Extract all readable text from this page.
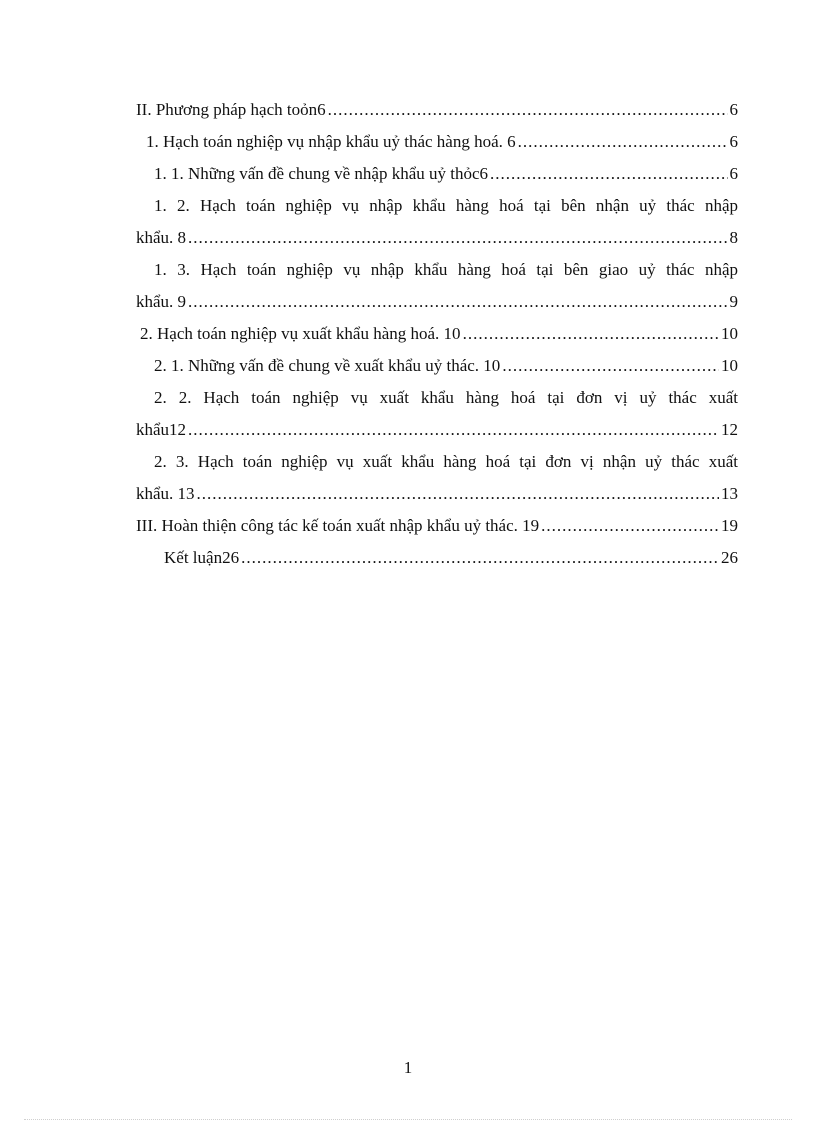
II. Phương pháp hạch toỏn6 .....	6
1. Hạch toán nghiệp vụ nhập khẩu uỷ thác hàng hoá. 6 .....	6
1. 1. Những vấn đề chung về nhập khẩu uỷ thỏc6 .....	6
1. 2. Hạch toán nghiệp vụ nhập khẩu hàng hoá tại bên nhận uỷ thác nhập
khẩu. 8 .....	8
1. 3. Hạch toán nghiệp vụ nhập khẩu hàng hoá tại bên giao uỷ thác nhập
khẩu. 9 .....	9
2. Hạch toán nghiệp vụ xuất khẩu hàng hoá. 10 .....	10
2. 1. Những vấn đề chung về xuất khẩu uỷ thác. 10 .....	10
2. 2. Hạch toán nghiệp vụ xuất khẩu hàng hoá tại đơn vị uỷ thác xuất
khẩu12 .....	12
2. 3. Hạch toán nghiệp vụ xuất khẩu hàng hoá tại đơn vị nhận uỷ thác xuất
khẩu. 13 .....	13
III. Hoàn thiện công tác kế toán xuất nhập khẩu uỷ thác. 19 .....	19
Kết luận26 .....	26
1
